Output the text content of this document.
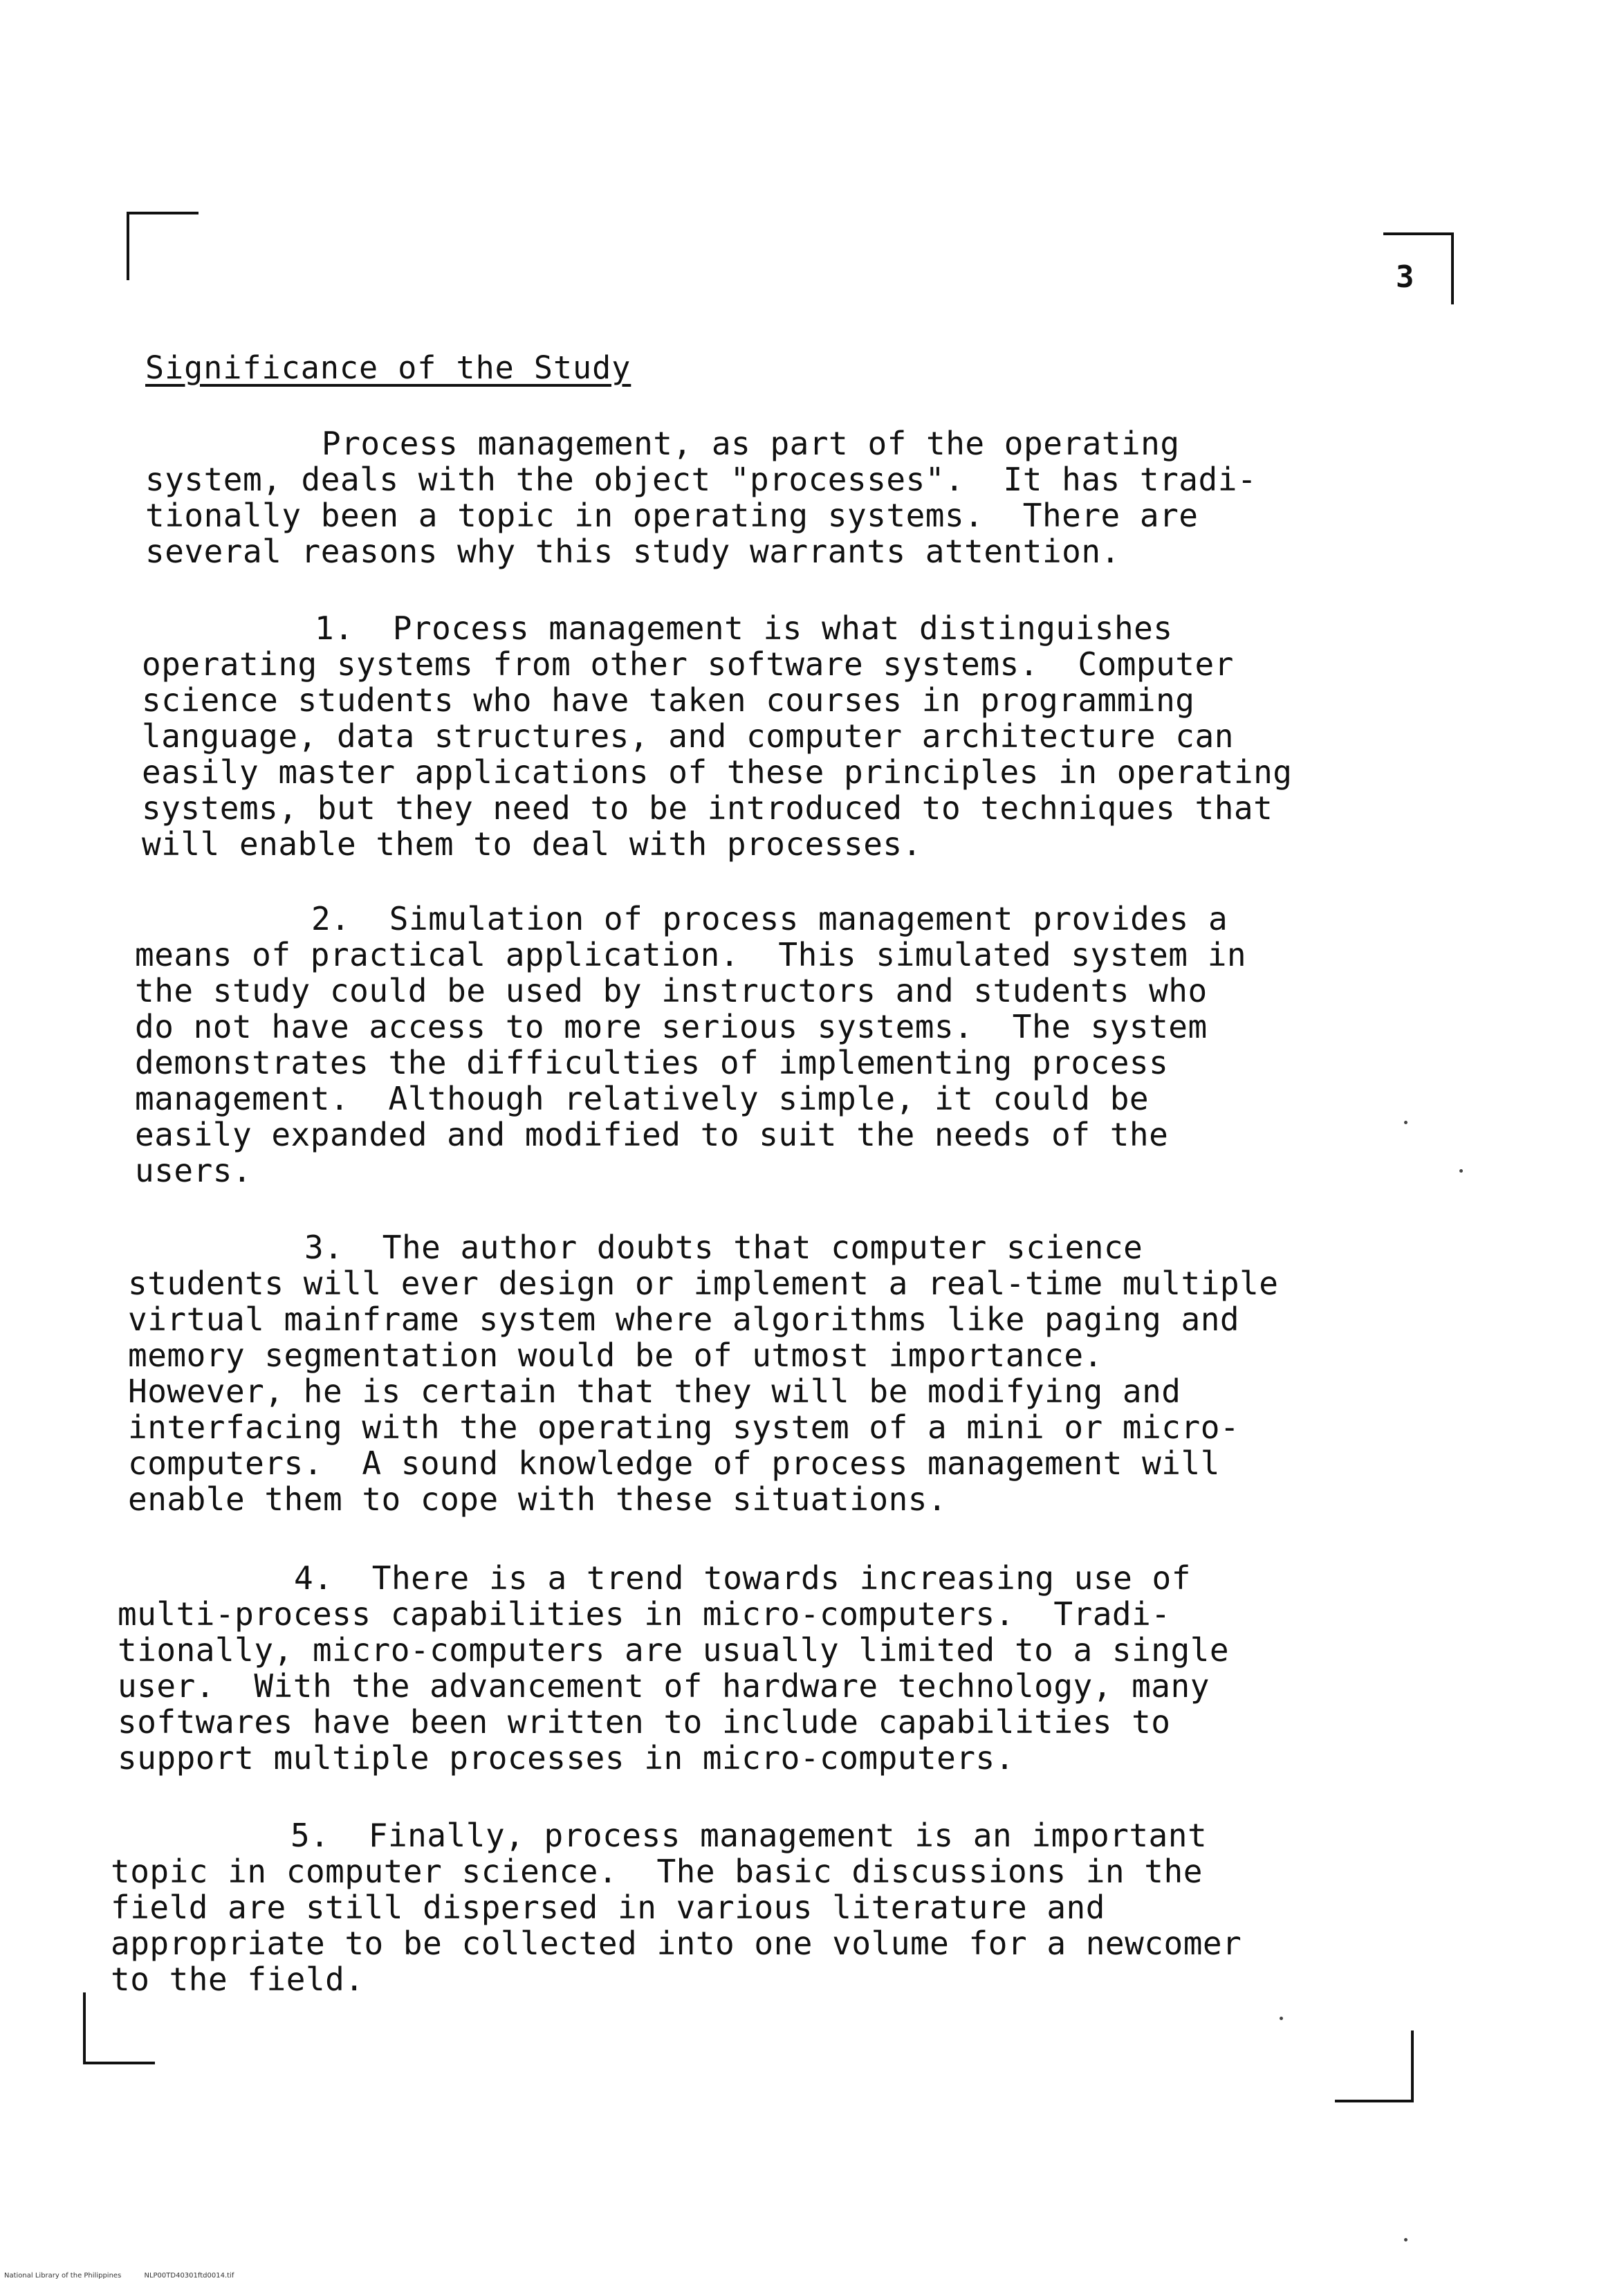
3
Significance of the Study
Process management, as part of the operating
system, deals with the object "processes".  It has tradi-
tionally been a topic in operating systems.  There are
several reasons why this study warrants attention.
1.  Process management is what distinguishes
operating systems from other software systems.  Computer
science students who have taken courses in programming
language, data structures, and computer architecture can
easily master applications of these principles in operating
systems, but they need to be introduced to techniques that
will enable them to deal with processes.
2.  Simulation of process management provides a
means of practical application.  This simulated system in
the study could be used by instructors and students who
do not have access to more serious systems.  The system
demonstrates the difficulties of implementing process
management.  Although relatively simple, it could be
easily expanded and modified to suit the needs of the
users.
3.  The author doubts that computer science
students will ever design or implement a real-time multiple
virtual mainframe system where algorithms like paging and
memory segmentation would be of utmost importance.
However, he is certain that they will be modifying and
interfacing with the operating system of a mini or micro-
computers.  A sound knowledge of process management will
enable them to cope with these situations.
4.  There is a trend towards increasing use of
multi-process capabilities in micro-computers.  Tradi-
tionally, micro-computers are usually limited to a single
user.  With the advancement of hardware technology, many
softwares have been written to include capabilities to
support multiple processes in micro-computers.
5.  Finally, process management is an important
topic in computer science.  The basic discussions in the
field are still dispersed in various literature and
appropriate to be collected into one volume for a newcomer
to the field.
National Library of the Philippines	NLP00TD40301ftd0014.tif
